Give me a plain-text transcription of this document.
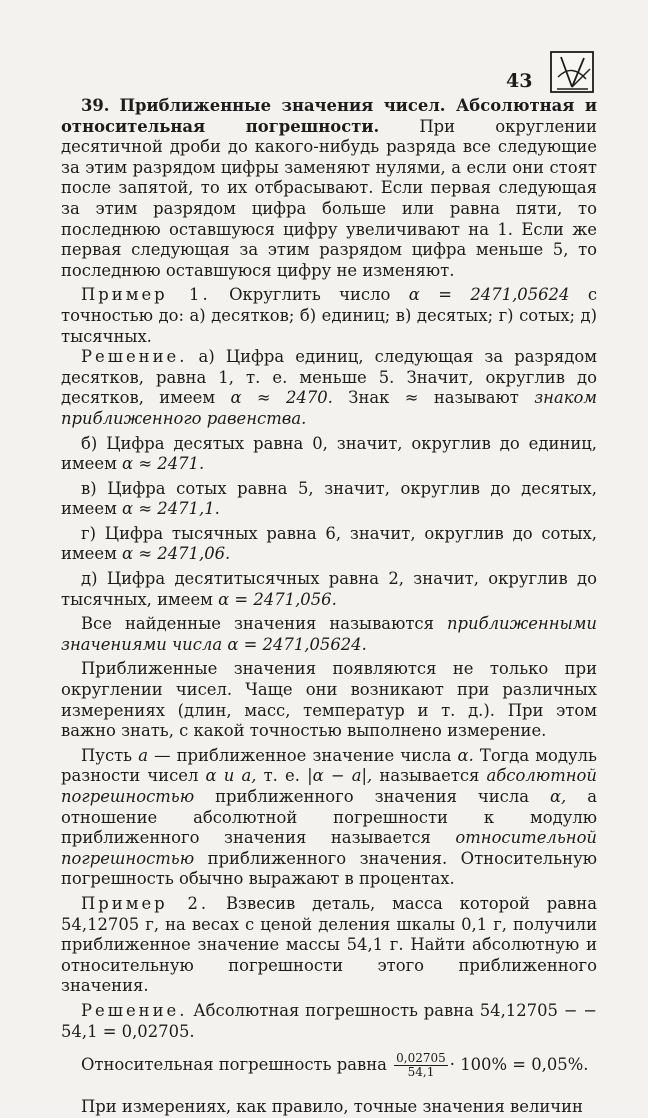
43

39. Приближенные значения чисел. Абсолютная и относительная погрешности. При округлении десятичной дроби до какого-нибудь разряда все следующие за этим разрядом цифры заменяют нулями, а если они стоят после запятой, то их отбрасывают. Если первая следующая за этим разрядом цифра больше или равна пяти, то последнюю оставшуюся цифру увеличивают на 1. Если же первая следующая за этим разрядом цифра меньше 5, то последнюю оставшуюся цифру не изменяют.

Пример 1. Округлить число α = 2471,05624 с точностью до: а) десятков; б) единиц; в) десятых; г) сотых; д) тысячных.

Решение. а) Цифра единиц, следующая за разрядом десятков, равна 1, т. е. меньше 5. Значит, округлив до десятков, имеем α ≈ 2470. Знак ≈ называют знаком приближенного равенства.

б) Цифра десятых равна 0, значит, округлив до единиц, имеем α ≈ 2471.

в) Цифра сотых равна 5, значит, округлив до десятых, имеем α ≈ 2471,1.

г) Цифра тысячных равна 6, значит, округлив до сотых, имеем α ≈ 2471,06.

д) Цифра десятитысячных равна 2, значит, округлив до тысячных, имеем α = 2471,056.

Все найденные значения называются приближенными значениями числа α = 2471,05624.

Приближенные значения появляются не только при округлении чисел. Чаще они возникают при различных измерениях (длин, масс, температур и т. д.). При этом важно знать, с какой точностью выполнено измерение.

Пусть a — приближенное значение числа α. Тогда модуль разности чисел α и a, т. е. |α − a|, называется абсолютной погрешностью приближенного значения числа α, а отношение абсолютной погрешности к модулю приближенного значения называется относительной погрешностью приближенного значения. Относительную погрешность обычно выражают в процентах.

Пример 2. Взвесив деталь, масса которой равна 54,12705 г, на весах с ценой деления шкалы 0,1 г, получили приближенное значение массы 54,1 г. Найти абсолютную и относительную погрешности этого приближенного значения.

Решение. Абсолютная погрешность равна 54,12705 − − 54,1 = 0,02705.

Относительная погрешность равна $\frac{0,02705}{54,1} \cdot 100\% = 0,05\%$.

При измерениях, как правило, точные значения величин
